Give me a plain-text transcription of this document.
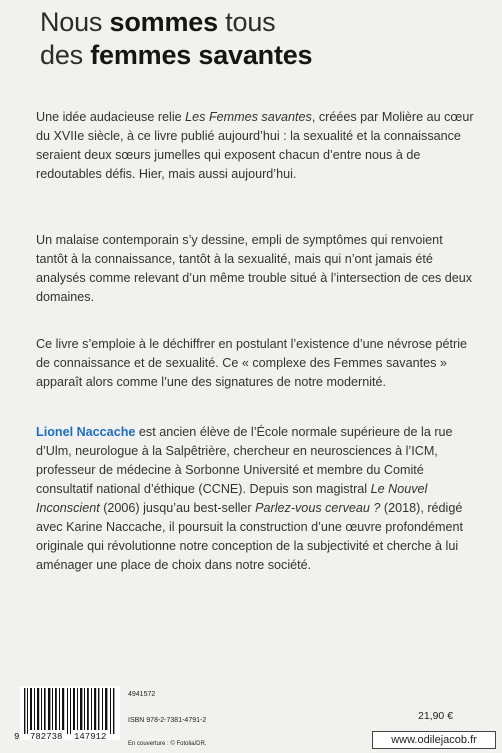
Nous sommes tous
des femmes savantes
Une idée audacieuse relie Les Femmes savantes, créées par Molière au cœur du XVIIe siècle, à ce livre publié aujourd’hui : la sexualité et la connaissance seraient deux sœurs jumelles qui exposent chacun d’entre nous à de redoutables défis. Hier, mais aussi aujourd’hui.
Un malaise contemporain s’y dessine, empli de symptômes qui renvoient tantôt à la connaissance, tantôt à la sexualité, mais qui n’ont jamais été analysés comme relevant d’un même trouble situé à l’intersection de ces deux domaines.
Ce livre s’emploie à le déchiffrer en postulant l’existence d’une névrose pétrie de connaissance et de sexualité. Ce « complexe des Femmes savantes » apparaît alors comme l’une des signatures de notre modernité.
Lionel Naccache est ancien élève de l’École normale supérieure de la rue d’Ulm, neurologue à la Salpêtrière, chercheur en neurosciences à l’ICM, professeur de médecine à Sorbonne Université et membre du Comité consultatif national d’éthique (CCNE). Depuis son magistral Le Nouvel Inconscient (2006) jusqu’au best-seller Parlez-vous cerveau ? (2018), rédigé avec Karine Naccache, il poursuit la construction d’une œuvre profondément originale qui révolutionne notre conception de la subjectivité et cherche à lui aménager une place de choix dans notre société.
9 782738 147912
4941572
ISBN 978-2-7381-4791-2
En couverture : © Fotolia/DR.
21,90 €
www.odilejacob.fr
